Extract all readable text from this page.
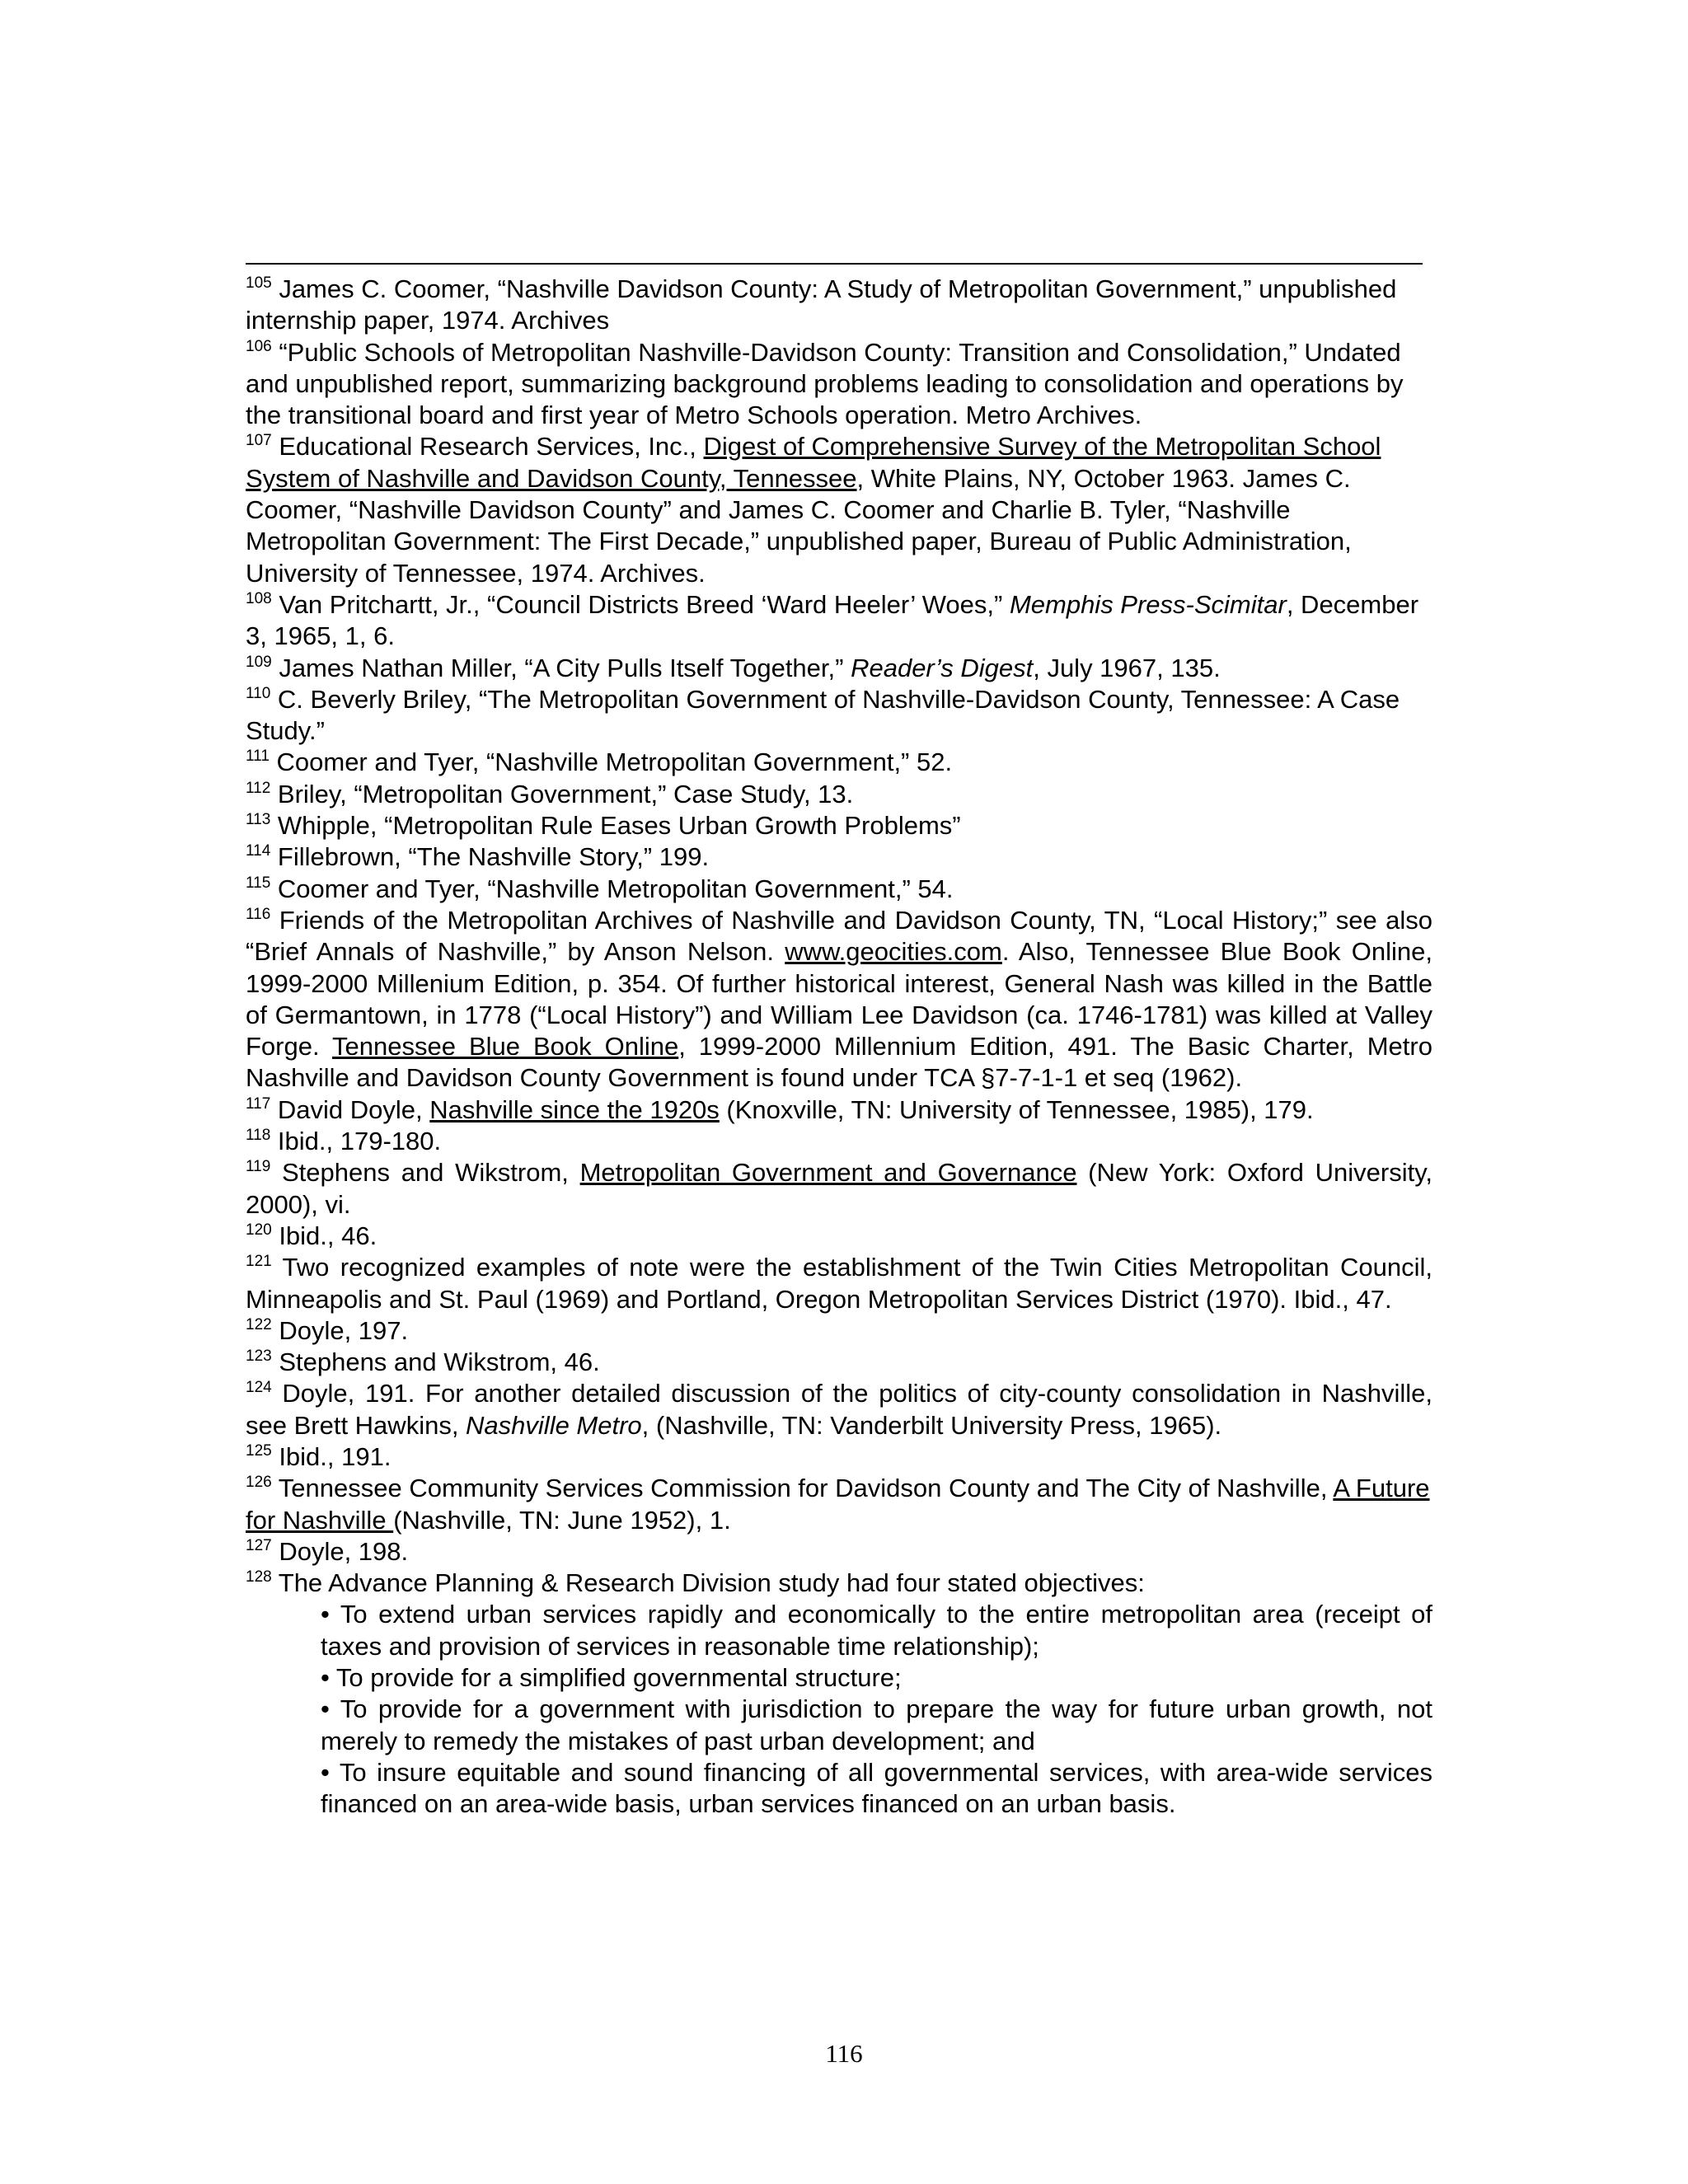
$^{105}$ James C. Coomer, “Nashville Davidson County: A Study of Metropolitan Government,” unpublished internship paper, 1974. Archives

$^{106}$ “Public Schools of Metropolitan Nashville-Davidson County: Transition and Consolidation,” Undated and unpublished report, summarizing background problems leading to consolidation and operations by the transitional board and first year of Metro Schools operation. Metro Archives.

$^{107}$ Educational Research Services, Inc., Digest of Comprehensive Survey of the Metropolitan School System of Nashville and Davidson County, Tennessee, White Plains, NY, October 1963. James C. Coomer, “Nashville Davidson County” and James C. Coomer and Charlie B. Tyler, “Nashville Metropolitan Government: The First Decade,” unpublished paper, Bureau of Public Administration, University of Tennessee, 1974. Archives.

$^{108}$ Van Pritchartt, Jr., “Council Districts Breed ‘Ward Heeler’ Woes,” Memphis Press-Scimitar, December 3, 1965, 1, 6.

$^{109}$ James Nathan Miller, “A City Pulls Itself Together,” Reader’s Digest, July 1967, 135.

$^{110}$ C. Beverly Briley, “The Metropolitan Government of Nashville-Davidson County, Tennessee: A Case Study.”

$^{111}$ Coomer and Tyer, “Nashville Metropolitan Government,” 52.

$^{112}$ Briley, “Metropolitan Government,” Case Study, 13.

$^{113}$ Whipple, “Metropolitan Rule Eases Urban Growth Problems”

$^{114}$ Fillebrown, “The Nashville Story,” 199.

$^{115}$ Coomer and Tyer, “Nashville Metropolitan Government,” 54.

$^{116}$ Friends of the Metropolitan Archives of Nashville and Davidson County, TN, “Local History;” see also “Brief Annals of Nashville,” by Anson Nelson. www.geocities.com. Also, Tennessee Blue Book Online, 1999-2000 Millenium Edition, p. 354. Of further historical interest, General Nash was killed in the Battle of Germantown, in 1778 (“Local History”) and William Lee Davidson (ca. 1746-1781) was killed at Valley Forge. Tennessee Blue Book Online, 1999-2000 Millennium Edition, 491. The Basic Charter, Metro Nashville and Davidson County Government is found under TCA §7-7-1-1 et seq (1962).

$^{117}$ David Doyle, Nashville since the 1920s (Knoxville, TN: University of Tennessee, 1985), 179.

$^{118}$ Ibid., 179-180.

$^{119}$ Stephens and Wikstrom, Metropolitan Government and Governance (New York: Oxford University, 2000), vi.

$^{120}$ Ibid., 46.

$^{121}$ Two recognized examples of note were the establishment of the Twin Cities Metropolitan Council, Minneapolis and St. Paul (1969) and Portland, Oregon Metropolitan Services District (1970). Ibid., 47.

$^{122}$ Doyle, 197.

$^{123}$ Stephens and Wikstrom, 46.

$^{124}$ Doyle, 191. For another detailed discussion of the politics of city-county consolidation in Nashville, see Brett Hawkins, Nashville Metro, (Nashville, TN: Vanderbilt University Press, 1965).

$^{125}$ Ibid., 191.

$^{126}$ Tennessee Community Services Commission for Davidson County and The City of Nashville, A Future for Nashville (Nashville, TN: June 1952), 1.

$^{127}$ Doyle, 198.

$^{128}$ The Advance Planning & Research Division study had four stated objectives:

• To extend urban services rapidly and economically to the entire metropolitan area (receipt of taxes and provision of services in reasonable time relationship);

• To provide for a simplified governmental structure;

• To provide for a government with jurisdiction to prepare the way for future urban growth, not merely to remedy the mistakes of past urban development; and

• To insure equitable and sound financing of all governmental services, with area-wide services financed on an area-wide basis, urban services financed on an urban basis.

116
